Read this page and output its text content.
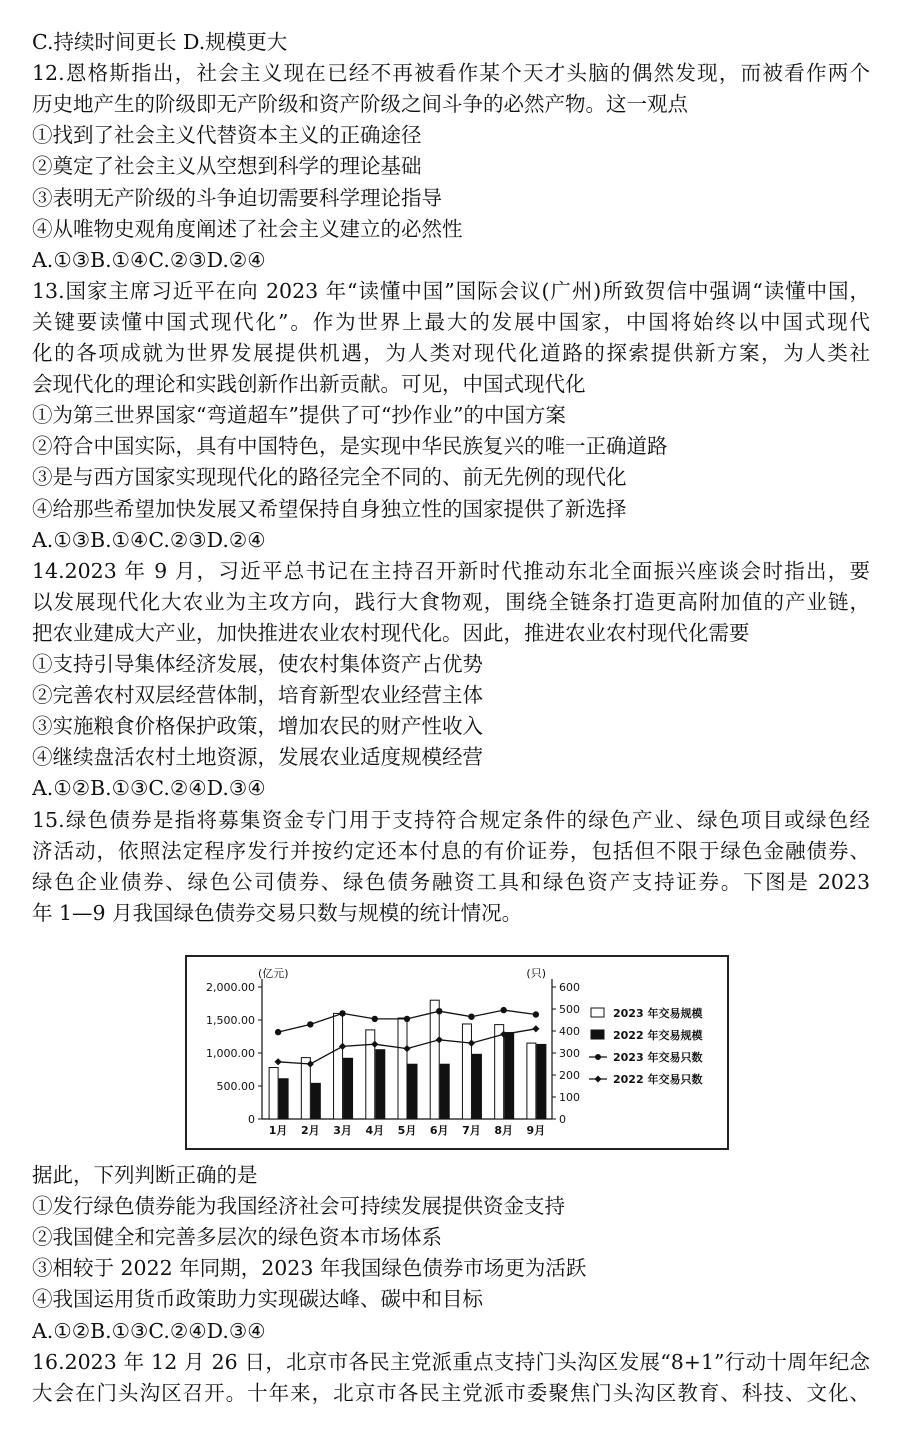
C.持续时间更长 D.规模更大
12.恩格斯指出，社会主义现在已经不再被看作某个天才头脑的偶然发现，而被看作两个
历史地产生的阶级即无产阶级和资产阶级之间斗争的必然产物。这一观点
①找到了社会主义代替资本主义的正确途径
②奠定了社会主义从空想到科学的理论基础
③表明无产阶级的斗争迫切需要科学理论指导
④从唯物史观角度阐述了社会主义建立的必然性
A.①③B.①④C.②③D.②④
13.国家主席习近平在向 2023 年“读懂中国”国际会议(广州)所致贺信中强调“读懂中国，
关键要读懂中国式现代化”。作为世界上最大的发展中国家，中国将始终以中国式现代
化的各项成就为世界发展提供机遇，为人类对现代化道路的探索提供新方案，为人类社
会现代化的理论和实践创新作出新贡献。可见，中国式现代化
①为第三世界国家“弯道超车”提供了可“抄作业”的中国方案
②符合中国实际，具有中国特色，是实现中华民族复兴的唯一正确道路
③是与西方国家实现现代化的路径完全不同的、前无先例的现代化
④给那些希望加快发展又希望保持自身独立性的国家提供了新选择
A.①③B.①④C.②③D.②④
14.2023 年 9 月，习近平总书记在主持召开新时代推动东北全面振兴座谈会时指出，要
以发展现代化大农业为主攻方向，践行大食物观，围绕全链条打造更高附加值的产业链，
把农业建成大产业，加快推进农业农村现代化。因此，推进农业农村现代化需要
①支持引导集体经济发展，使农村集体资产占优势
②完善农村双层经营体制，培育新型农业经营主体
③实施粮食价格保护政策，增加农民的财产性收入
④继续盘活农村土地资源，发展农业适度规模经营
A.①②B.①③C.②④D.③④
15.绿色债券是指将募集资金专门用于支持符合规定条件的绿色产业、绿色项目或绿色经
济活动，依照法定程序发行并按约定还本付息的有价证券，包括但不限于绿色金融债券、
绿色企业债券、绿色公司债券、绿色债务融资工具和绿色资产支持证券。下图是 2023
年 1—9 月我国绿色债券交易只数与规模的统计情况。
0
500.00
1,000.00
1,500.00
2,000.00
0
100
200
300
400
500
600
(亿元)	(只)
1月 2月 3月 4月 5月 6月 7月 8月 9月
2023 年交易规模
2022 年交易规模
2023 年交易只数
2022 年交易只数
据此，下列判断正确的是
①发行绿色债券能为我国经济社会可持续发展提供资金支持
②我国健全和完善多层次的绿色资本市场体系
③相较于 2022 年同期，2023 年我国绿色债券市场更为活跃
④我国运用货币政策助力实现碳达峰、碳中和目标
A.①②B.①③C.②④D.③④
16.2023 年 12 月 26 日，北京市各民主党派重点支持门头沟区发展“8+1”行动十周年纪念
大会在门头沟区召开。十年来，北京市各民主党派市委聚焦门头沟区教育、科技、文化、
